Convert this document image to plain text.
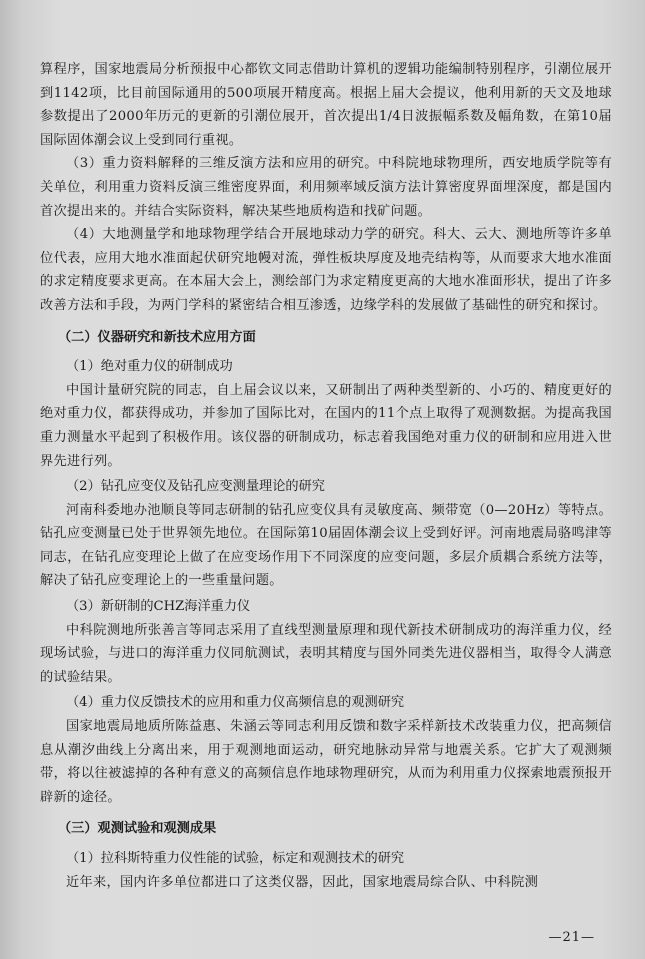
算程序，国家地震局分析预报中心都钦文同志借助计算机的逻辑功能编制特别程序，引潮位展开到1142项，比目前国际通用的500项展开精度高。根据上届大会提议，他利用新的天文及地球参数提出了2000年历元的更新的引潮位展开，首次提出1/4日波振幅系数及幅角数，在第10届国际固体潮会议上受到同行重视。

（3）重力资料解释的三维反演方法和应用的研究。中科院地球物理所，西安地质学院等有关单位，利用重力资料反演三维密度界面，利用频率域反演方法计算密度界面埋深度，都是国内首次提出来的。并结合实际资料，解决某些地质构造和找矿问题。

（4）大地测量学和地球物理学结合开展地球动力学的研究。科大、云大、测地所等许多单位代表，应用大地水准面起伏研究地幔对流，弹性板块厚度及地壳结构等，从而要求大地水准面的求定精度要求更高。在本届大会上，测绘部门为求定精度更高的大地水准面形状，提出了许多改善方法和手段，为两门学科的紧密结合相互渗透，边缘学科的发展做了基础性的研究和探讨。

（二）仪器研究和新技术应用方面

（1）绝对重力仪的研制成功

中国计量研究院的同志，自上届会议以来，又研制出了两种类型新的、小巧的、精度更好的绝对重力仪，都获得成功，并参加了国际比对，在国内的11个点上取得了观测数据。为提高我国重力测量水平起到了积极作用。该仪器的研制成功，标志着我国绝对重力仪的研制和应用进入世界先进行列。

（2）钻孔应变仪及钻孔应变测量理论的研究

河南科委地办池顺良等同志研制的钻孔应变仪具有灵敏度高、频带宽（0—20Hz）等特点。钻孔应变测量已处于世界领先地位。在国际第10届固体潮会议上受到好评。河南地震局骆鸣津等同志，在钻孔应变理论上做了在应变场作用下不同深度的应变问题，多层介质耦合系统方法等，解决了钻孔应变理论上的一些重量问题。

（3）新研制的CHZ海洋重力仪

中科院测地所张善言等同志采用了直线型测量原理和现代新技术研制成功的海洋重力仪，经现场试验，与进口的海洋重力仪同航测试，表明其精度与国外同类先进仪器相当，取得令人满意的试验结果。

（4）重力仪反馈技术的应用和重力仪高频信息的观测研究

国家地震局地质所陈益惠、朱涵云等同志利用反馈和数字采样新技术改装重力仪，把高频信息从潮汐曲线上分离出来，用于观测地面运动，研究地脉动异常与地震关系。它扩大了观测频带，将以往被滤掉的各种有意义的高频信息作地球物理研究，从而为利用重力仪探索地震预报开辟新的途径。

（三）观测试验和观测成果

（1）拉科斯特重力仪性能的试验，标定和观测技术的研究

近年来，国内许多单位都进口了这类仪器，因此，国家地震局综合队、中科院测

—21—
